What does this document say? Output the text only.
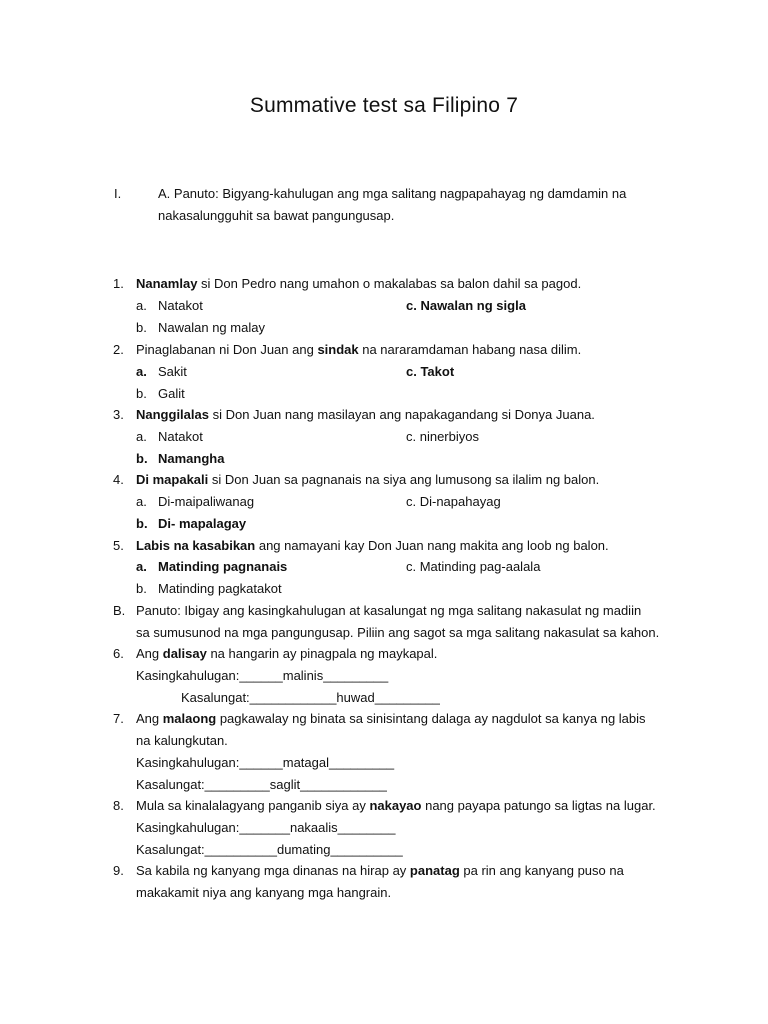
Summative test sa Filipino 7
I.	A. Panuto: Bigyang-kahulugan ang mga salitang nagpapahayag ng damdamin na
nakasalungguhit sa bawat pangungusap.
1. Nanamlay si Don Pedro nang umahon o makalabas sa balon dahil sa pagod.
a. Natakot	c. Nawalan ng sigla
b. Nawalan ng malay
2. Pinaglabanan ni Don Juan ang sindak na nararamdaman habang nasa dilim.
a. Sakit	c. Takot
b. Galit
3. Nanggilalas si Don Juan nang masilayan ang napakagandang si Donya Juana.
a. Natakot	c. ninerbiyos
b. Namangha
4. Di mapakali si Don Juan sa pagnanais na siya ang lumusong sa ilalim ng balon.
a. Di-maipaliwanag	c. Di-napahayag
b. Di- mapalagay
5. Labis na kasabikan ang namayani kay Don Juan nang makita ang loob ng balon.
a. Matinding pagnanais	c. Matinding pag-aalala
b. Matinding pagkatakot
B. Panuto: Ibigay ang kasingkahulugan at kasalungat ng mga salitang nakasulat ng madiin
sa sumusunod na mga pangungusap. Piliin ang sagot sa mga salitang nakasulat sa kahon.
6. Ang dalisay na hangarin ay pinagpala ng maykapal.
Kasingkahulugan:______malinis_________
Kasalungat:____________huwad_________
7. Ang malaong pagkawalay ng binata sa sinisintang dalaga ay nagdulot sa kanya ng labis
na kalungkutan.
Kasingkahulugan:______matagal_________
Kasalungat:_________saglit____________
8. Mula sa kinalalagyang panganib siya ay nakayao nang payapa patungo sa ligtas na lugar.
Kasingkahulugan:_______nakaalis________
Kasalungat:__________dumating__________
9. Sa kabila ng kanyang mga dinanas na hirap ay panatag pa rin ang kanyang puso na
makakamit niya ang kanyang mga hangrain.
